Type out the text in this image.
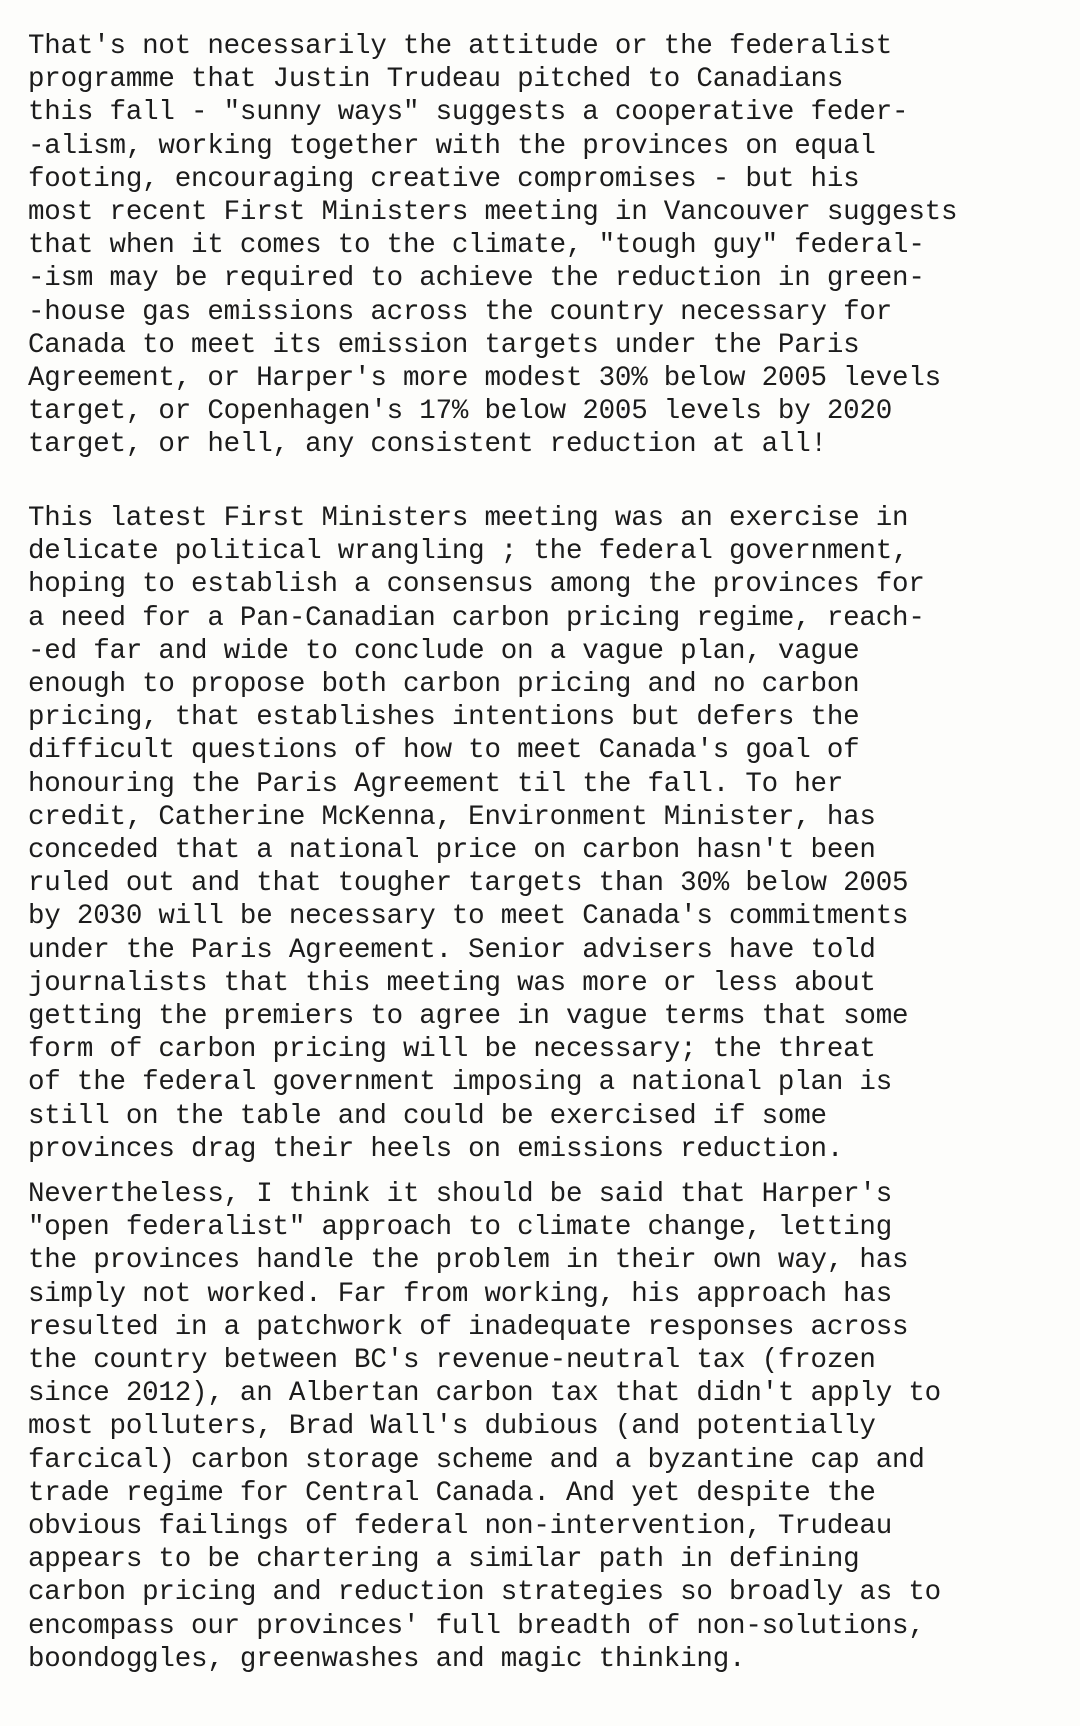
That's not necessarily the attitude or the federalist
programme that Justin Trudeau pitched to Canadians
this fall - "sunny ways" suggests a cooperative feder-
-alism, working together with the provinces on equal
footing, encouraging creative compromises - but his
most recent First Ministers meeting in Vancouver suggests
that when it comes to the climate, "tough guy" federal-
-ism may be required to achieve the reduction in green-
-house gas emissions across the country necessary for
Canada to meet its emission targets under the Paris
Agreement, or Harper's more modest 30% below 2005 levels
target, or Copenhagen's 17% below 2005 levels by 2020
target, or hell, any consistent reduction at all!
This latest First Ministers meeting was an exercise in
delicate political wrangling ; the federal government,
hoping to establish a consensus among the provinces for
a need for a Pan-Canadian carbon pricing regime, reach-
-ed far and wide to conclude on a vague plan, vague
enough to propose both carbon pricing and no carbon
pricing, that establishes intentions but defers the
difficult questions of how to meet Canada's goal of
honouring the Paris Agreement til the fall. To her
credit, Catherine McKenna, Environment Minister, has
conceded that a national price on carbon hasn't been
ruled out and that tougher targets than 30% below 2005
by 2030 will be necessary to meet Canada's commitments
under the Paris Agreement. Senior advisers have told
journalists that this meeting was more or less about
getting the premiers to agree in vague terms that some
form of carbon pricing will be necessary; the threat
of the federal government imposing a national plan is
still on the table and could be exercised if some
provinces drag their heels on emissions reduction.
Nevertheless, I think it should be said that Harper's
"open federalist" approach to climate change, letting
the provinces handle the problem in their own way, has
simply not worked. Far from working, his approach has
resulted in a patchwork of inadequate responses across
the country between BC's revenue-neutral tax (frozen
since 2012), an Albertan carbon tax that didn't apply to
most polluters, Brad Wall's dubious (and potentially
farcical) carbon storage scheme and a byzantine cap and
trade regime for Central Canada. And yet despite the
obvious failings of federal non-intervention, Trudeau
appears to be chartering a similar path in defining
carbon pricing and reduction strategies so broadly as to
encompass our provinces' full breadth of non-solutions,
boondoggles, greenwashes and magic thinking.
